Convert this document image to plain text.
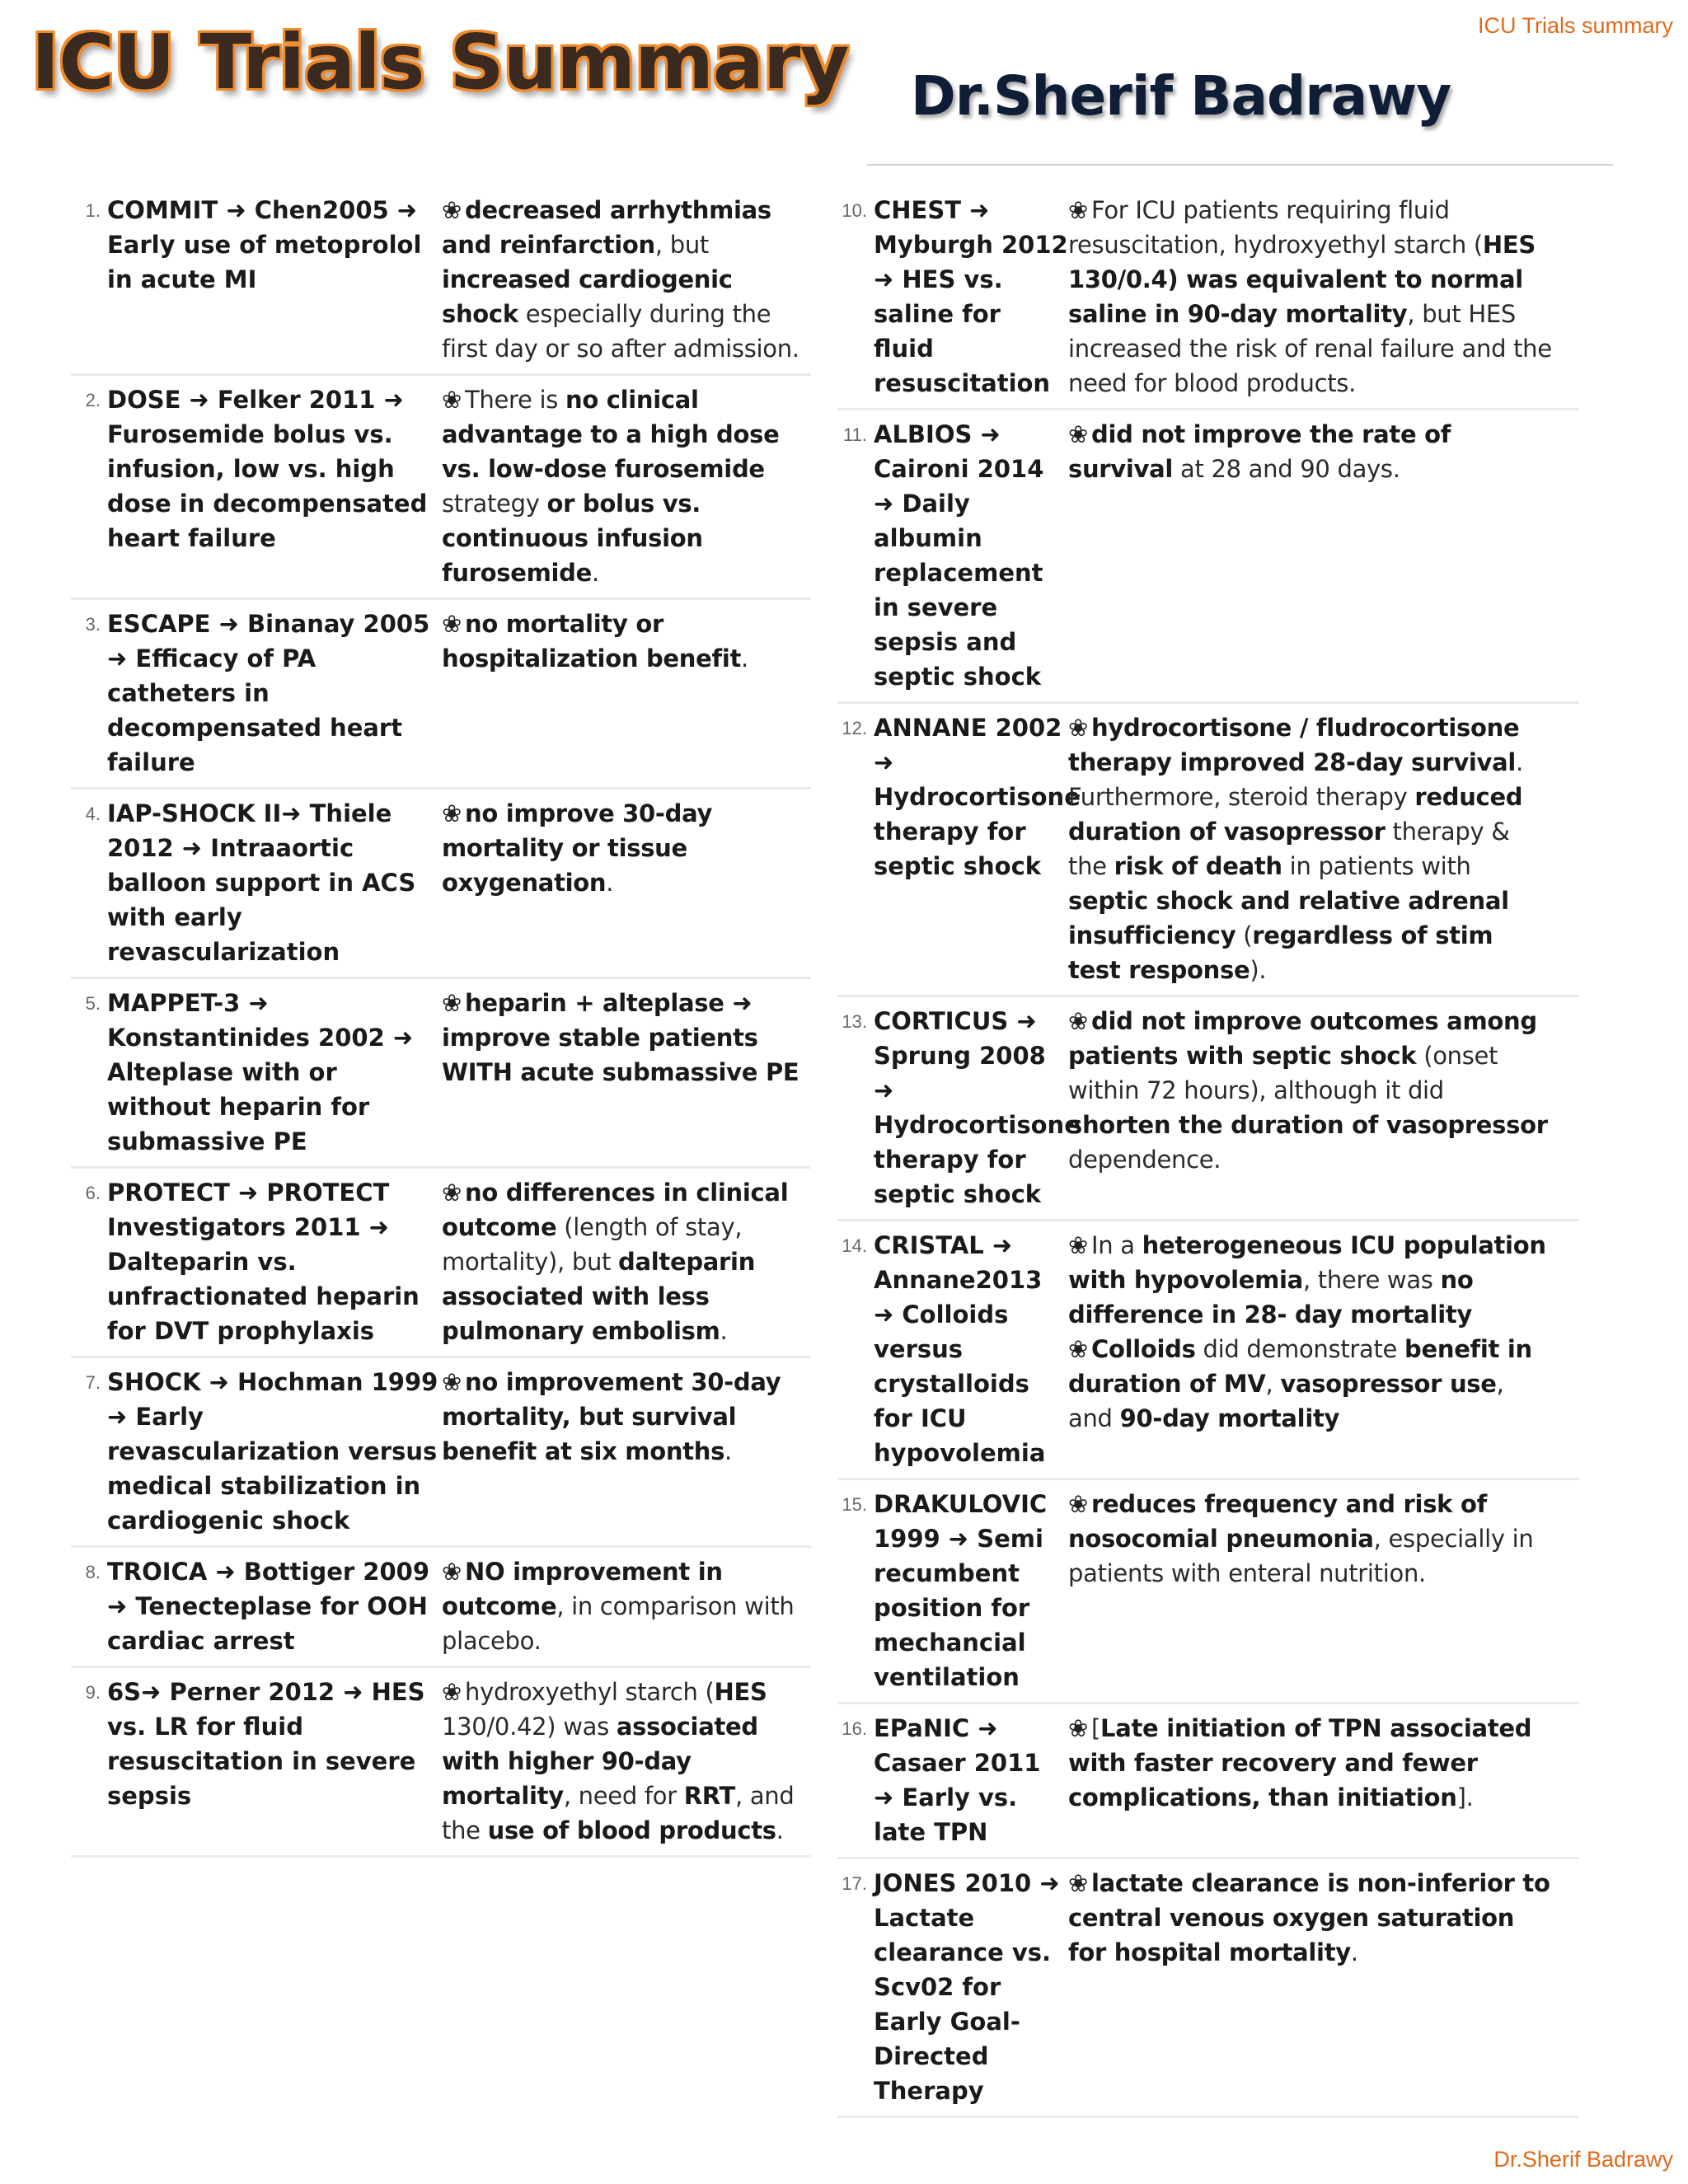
ICU Trials summary
ICU Trials Summary Dr.Sherif Badrawy
1. COMMIT ➜ Chen2005 ➜ Early use of metoprolol in acute MI
❀ decreased arrhythmias and reinfarction, but increased cardiogenic shock especially during the first day or so after admission.
2. DOSE ➜ Felker 2011 ➜ Furosemide bolus vs. infusion, low vs. high dose in decompensated heart failure
❀ There is no clinical advantage to a high dose vs. low-dose furosemide strategy or bolus vs. continuous infusion furosemide.
3. ESCAPE ➜ Binanay 2005 ➜ Efficacy of PA catheters in decompensated heart failure
❀ no mortality or hospitalization benefit.
4. IAP-SHOCK II➜ Thiele 2012 ➜ Intraaortic balloon support in ACS with early revascularization
❀ no improve 30-day mortality or tissue oxygenation.
5. MAPPET-3 ➜ Konstantinides 2002 ➜ Alteplase with or without heparin for submassive PE
❀ heparin + alteplase ➜ improve stable patients WITH acute submassive PE
6. PROTECT ➜ PROTECT Investigators 2011 ➜ Dalteparin vs. unfractionated heparin for DVT prophylaxis
❀ no differences in clinical outcome (length of stay, mortality), but dalteparin associated with less pulmonary embolism.
7. SHOCK ➜ Hochman 1999 ➜ Early revascularization versus medical stabilization in cardiogenic shock
❀ no improvement 30-day mortality, but survival benefit at six months.
8. TROICA ➜ Bottiger 2009 ➜ Tenecteplase for OOH cardiac arrest
❀ NO improvement in outcome, in comparison with placebo.
9. 6S➜ Perner 2012 ➜ HES vs. LR for fluid resuscitation in severe sepsis
❀ hydroxyethyl starch (HES 130/0.42) was associated with higher 90-day mortality, need for RRT, and the use of blood products.
10. CHEST ➜ Myburgh 2012 ➜ HES vs. saline for fluid resuscitation
❀ For ICU patients requiring fluid resuscitation, hydroxyethyl starch (HES 130/0.4) was equivalent to normal saline in 90-day mortality, but HES increased the risk of renal failure and the need for blood products.
11. ALBIOS ➜ Caironi 2014 ➜ Daily albumin replacement in severe sepsis and septic shock
❀ did not improve the rate of survival at 28 and 90 days.
12. ANNANE 2002 ➜ Hydrocortisone therapy for septic shock
❀ hydrocortisone / fludrocortisone therapy improved 28-day survival. Furthermore, steroid therapy reduced duration of vasopressor therapy & the risk of death in patients with septic shock and relative adrenal insufficiency (regardless of stim test response).
13. CORTICUS ➜ Sprung 2008 ➜ Hydrocortisone therapy for septic shock
❀ did not improve outcomes among patients with septic shock (onset within 72 hours), although it did shorten the duration of vasopressor dependence.
14. CRISTAL ➜ Annane2013 ➜ Colloids versus crystalloids for ICU hypovolemia
❀ In a heterogeneous ICU population with hypovolemia, there was no difference in 28- day mortality
❀ Colloids did demonstrate benefit in duration of MV, vasopressor use, and 90-day mortality
15. DRAKULOVIC 1999 ➜ Semi recumbent position for mechancial ventilation
❀ reduces frequency and risk of nosocomial pneumonia, especially in patients with enteral nutrition.
16. EPaNIC ➜ Casaer 2011 ➜ Early vs. late TPN
❀ [Late initiation of TPN associated with faster recovery and fewer complications, than initiation].
17. JONES 2010 ➜ Lactate clearance vs. Scv02 for Early Goal-Directed Therapy
❀ lactate clearance is non-inferior to central venous oxygen saturation for hospital mortality.
Dr.Sherif Badrawy
